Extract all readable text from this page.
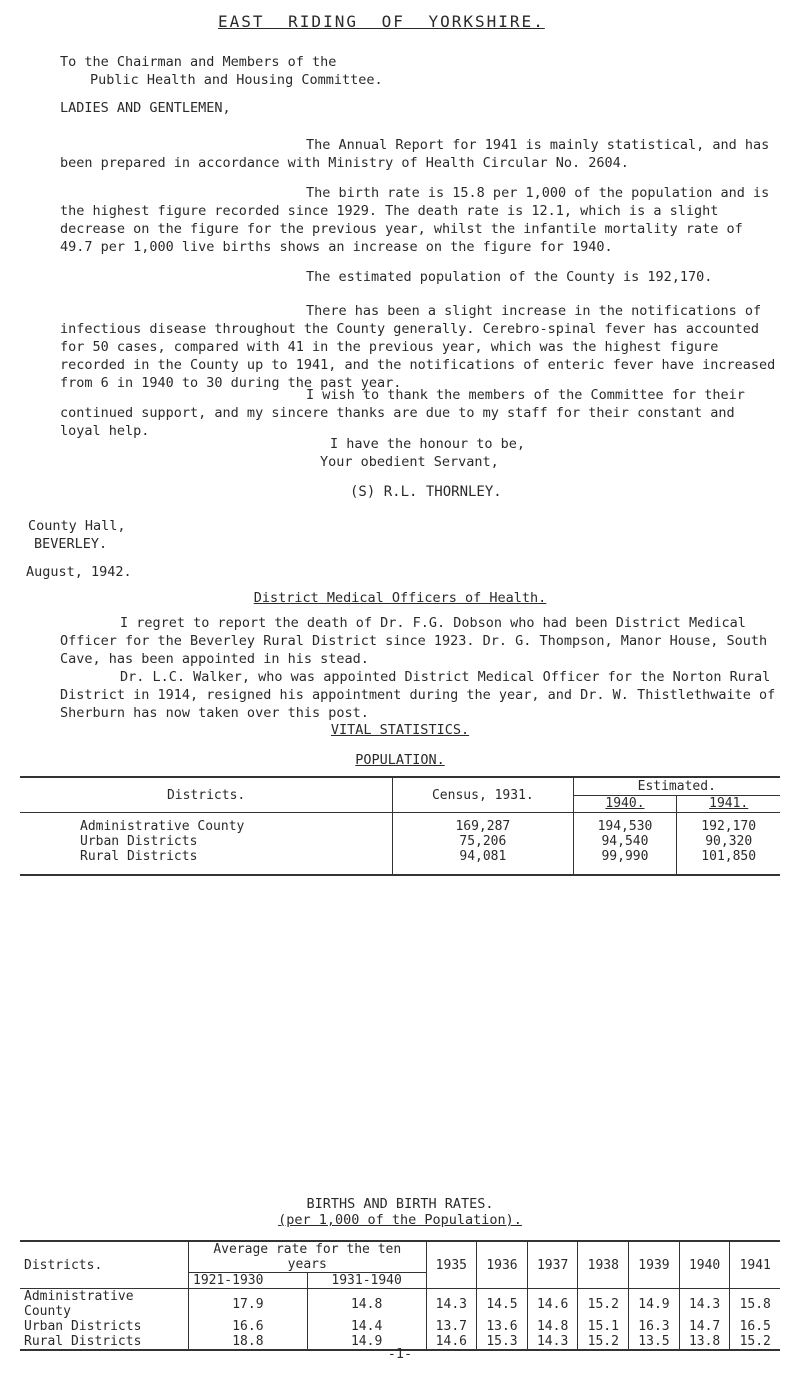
EAST RIDING OF YORKSHIRE.
To the Chairman and Members of the
Public Health and Housing Committee.
LADIES AND GENTLEMEN,
The Annual Report for 1941 is mainly statistical, and has been prepared in accordance with Ministry of Health Circular No. 2604.
The birth rate is 15.8 per 1,000 of the population and is the highest figure recorded since 1929. The death rate is 12.1, which is a slight decrease on the figure for the previous year, whilst the infantile mortality rate of 49.7 per 1,000 live births shows an increase on the figure for 1940.
The estimated population of the County is 192,170.
There has been a slight increase in the notifications of infectious disease throughout the County generally. Cerebro-spinal fever has accounted for 50 cases, compared with 41 in the previous year, which was the highest figure recorded in the County up to 1941, and the notifications of enteric fever have increased from 6 in 1940 to 30 during the past year.
I wish to thank the members of the Committee for their continued support, and my sincere thanks are due to my staff for their constant and loyal help.
I have the honour to be,
Your obedient Servant,
(S) R.L. THORNLEY.
County Hall,
BEVERLEY.
August, 1942.
District Medical Officers of Health.
I regret to report the death of Dr. F.G. Dobson who had been District Medical Officer for the Beverley Rural District since 1923. Dr. G. Thompson, Manor House, South Cave, has been appointed in his stead.
Dr. L.C. Walker, who was appointed District Medical Officer for the Norton Rural District in 1914, resigned his appointment during the year, and Dr. W. Thistlethwaite of Sherburn has now taken over this post.
VITAL STATISTICS.
POPULATION.
Districts.	Census, 1931.	Estimated.	
		1940.	1941.
Administrative County	169,287	194,530	192,170
Urban Districts	75,206	94,540	90,320
Rural Districts	94,081	99,990	101,850
BIRTHS AND BIRTH RATES.
(per 1,000 of the Population).
Districts.	Average rate for the ten years		1935	1936	1937	1938	1939	1940	1941
	1921-1930	1931-1940							
Administrative County	17.9	14.8	14.3	14.5	14.6	15.2	14.9	14.3	15.8
Urban Districts	16.6	14.4	13.7	13.6	14.8	15.1	16.3	14.7	16.5
Rural Districts	18.8	14.9	14.6	15.3	14.3	15.2	13.5	13.8	15.2
-1-
